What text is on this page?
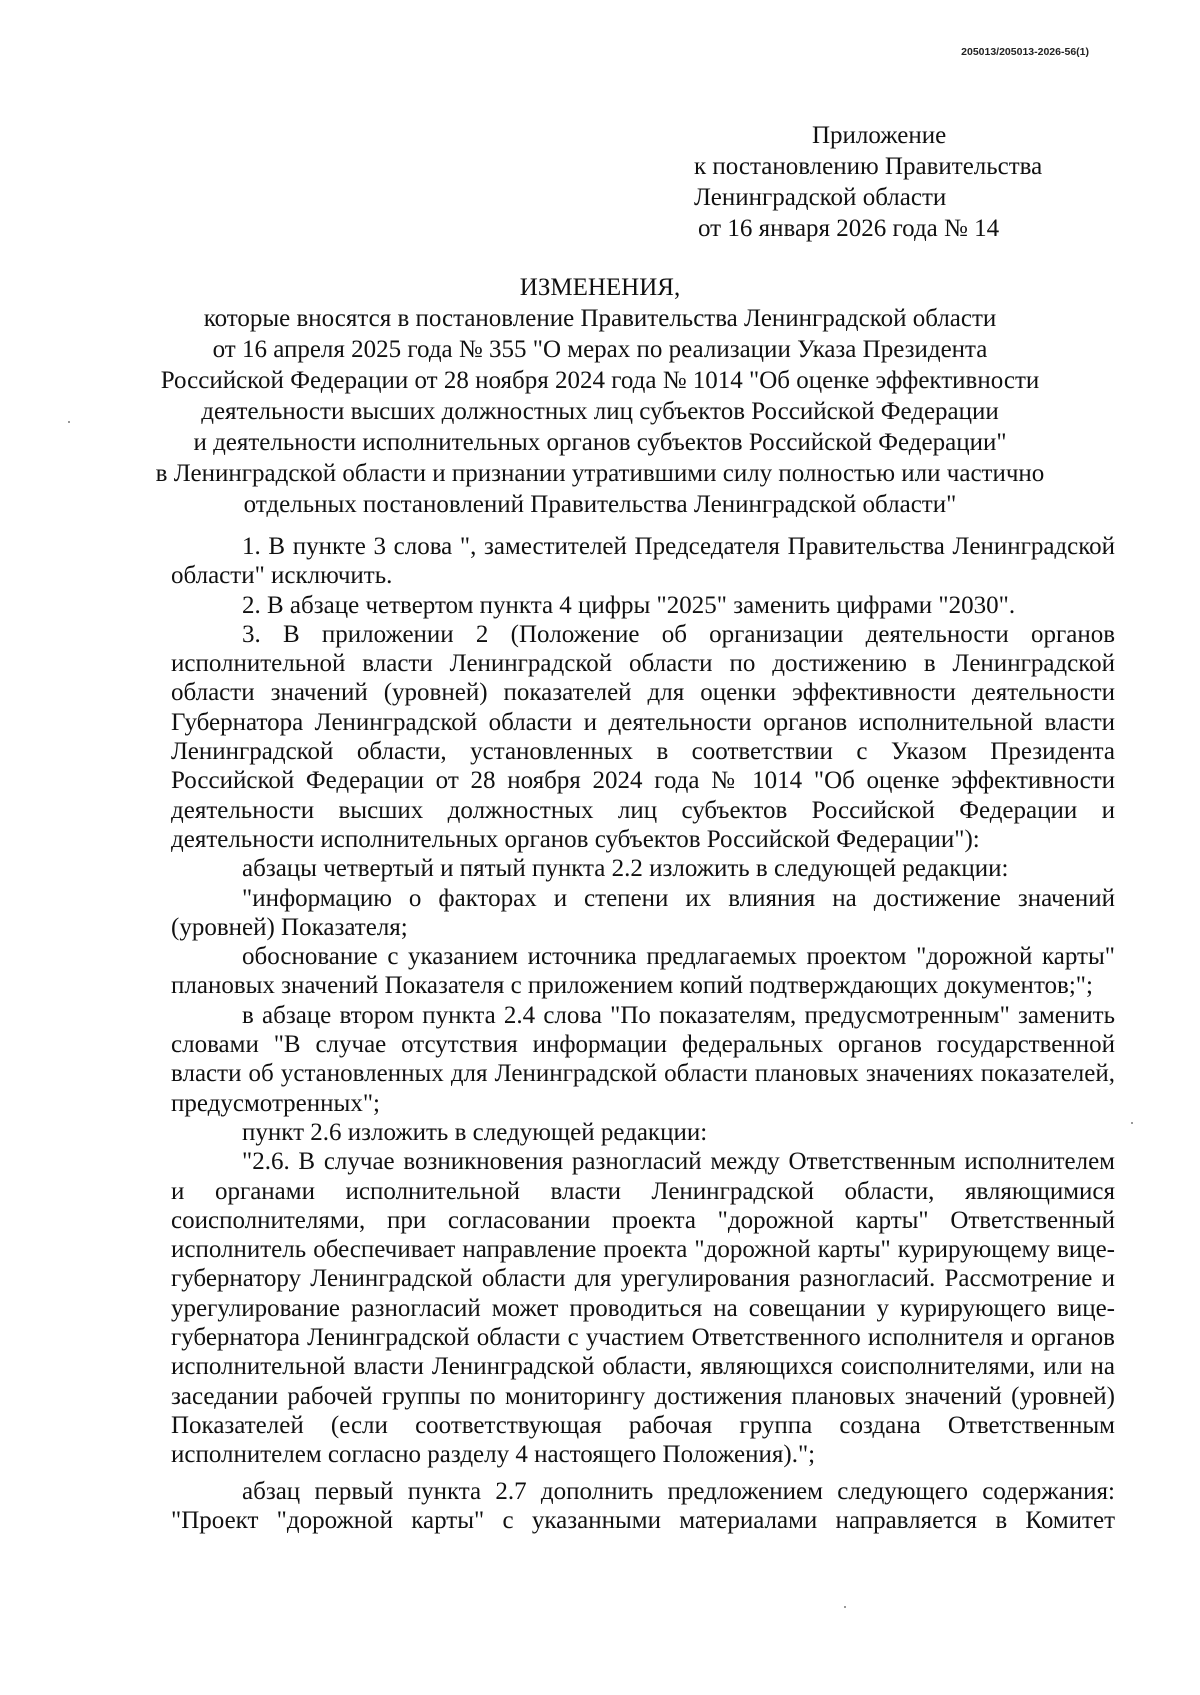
205013/205013-2026-56(1)
Приложение
к постановлению Правительства
Ленинградской области
от 16 января 2026 года № 14
ИЗМЕНЕНИЯ,
которые вносятся в постановление Правительства Ленинградской области
от 16 апреля 2025 года № 355 "О мерах по реализации Указа Президента
Российской Федерации от 28 ноября 2024 года № 1014 "Об оценке эффективности
деятельности высших должностных лиц субъектов Российской Федерации
и деятельности исполнительных органов субъектов Российской Федерации"
в Ленинградской области и признании утратившими силу полностью или частично
отдельных постановлений Правительства Ленинградской области"

1. В пункте 3 слова ", заместителей Председателя Правительства Ленинградской области" исключить.

2. В абзаце четвертом пункта 4 цифры "2025" заменить цифрами "2030".

3. В приложении 2 (Положение об организации деятельности органов исполнительной власти Ленинградской области по достижению в Ленинградской области значений (уровней) показателей для оценки эффективности деятельности Губернатора Ленинградской области и деятельности органов исполнительной власти Ленинградской области, установленных в соответствии с Указом Президента Российской Федерации от 28 ноября 2024 года № 1014 "Об оценке эффективности деятельности высших должностных лиц субъектов Российской Федерации и деятельности исполнительных органов субъектов Российской Федерации"):

абзацы четвертый и пятый пункта 2.2 изложить в следующей редакции:

"информацию о факторах и степени их влияния на достижение значений (уровней) Показателя;

обоснование с указанием источника предлагаемых проектом "дорожной карты" плановых значений Показателя с приложением копий подтверждающих документов;";

в абзаце втором пункта 2.4 слова "По показателям, предусмотренным" заменить словами "В случае отсутствия информации федеральных органов государственной власти об установленных для Ленинградской области плановых значениях показателей, предусмотренных";

пункт 2.6 изложить в следующей редакции:

"2.6. В случае возникновения разногласий между Ответственным исполнителем и органами исполнительной власти Ленинградской области, являющимися соисполнителями, при согласовании проекта "дорожной карты" Ответственный исполнитель обеспечивает направление проекта "дорожной карты" курирующему вице-губернатору Ленинградской области для урегулирования разногласий. Рассмотрение и урегулирование разногласий может проводиться на совещании у курирующего вице-губернатора Ленинградской области с участием Ответственного исполнителя и органов исполнительной власти Ленинградской области, являющихся соисполнителями, или на заседании рабочей группы по мониторингу достижения плановых значений (уровней) Показателей (если соответствующая рабочая группа создана Ответственным исполнителем согласно разделу 4 настоящего Положения).";

абзац первый пункта 2.7 дополнить предложением следующего содержания: "Проект "дорожной карты" с указанными материалами направляется в Комитет
